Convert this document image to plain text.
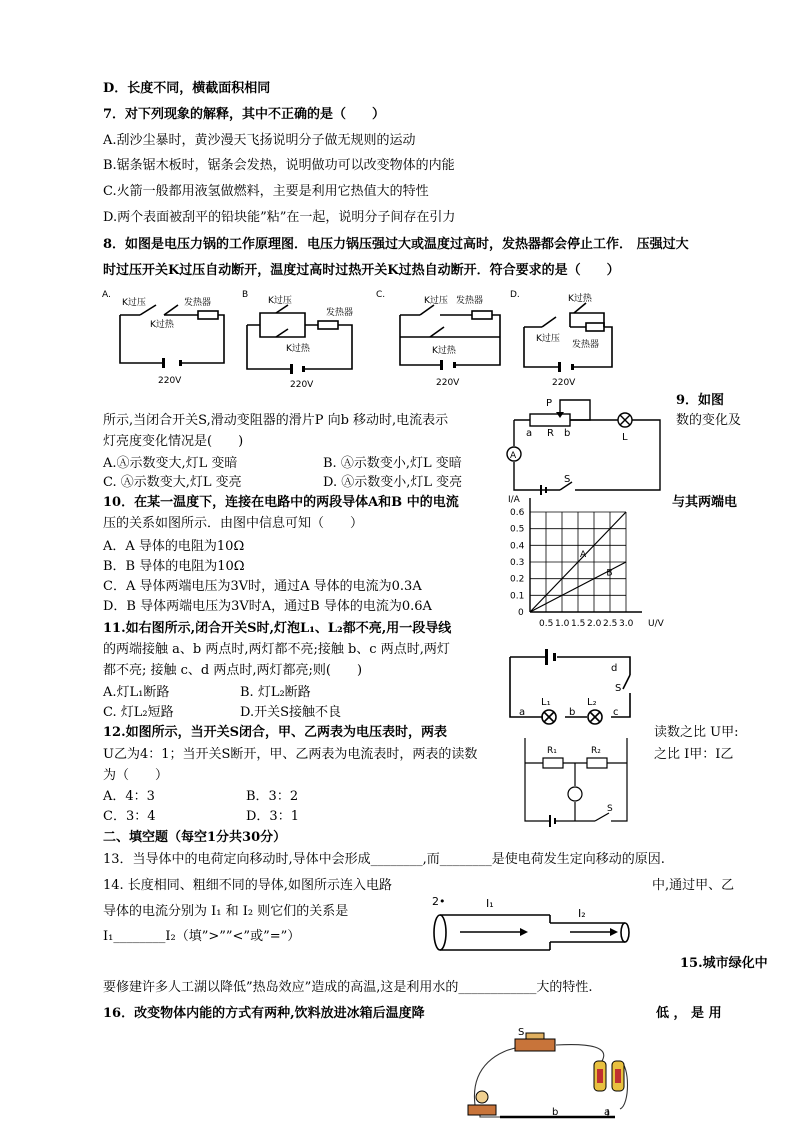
D．长度不同，横截面积相同
7．对下列现象的解释，其中不正确的是（　　）
A.刮沙尘暴时，黄沙漫天飞扬说明分子做无规则的运动
B.锯条锯木板时，锯条会发热，说明做功可以改变物体的内能
C.火箭一般都用液氢做燃料，主要是利用它热值大的特性
D.两个表面被刮平的铅块能”粘”在一起，说明分子间存在引力
8．如图是电压力锅的工作原理图．电压力锅压强过大或温度过高时，发热器都会停止工作． 压强过大
时过压开关K过压自动断开，温度过高时过热开关K过热自动断开．符合要求的是（　　）
A.
K过压	发热器
K过热
220V
B
K过压
发热器
K过热
220V
C.
K过压 发热器
K过热
220V
D.	K过热
K过压
发热器
220V
9．如图
所示,当闭合开关S,滑动变阻器的滑片P 向b 移动时,电流表示	数的变化及
灯亮度变化情况是(　　)
A.Ⓐ示数变大,灯L 变暗	B. Ⓐ示数变小,灯L 变暗
C. Ⓐ示数变大,灯L 变亮	D. Ⓐ示数变小,灯L 变亮
P
a R b	L
S
A
10．在某一温度下，连接在电路中的两段导体A和B 中的电流	与其两端电
压的关系如图所示．由图中信息可知（　　）
A．A 导体的电阻为10Ω
B．B 导体的电阻为10Ω
C．A 导体两端电压为3V时，通过A 导体的电流为0.3A
D．B 导体两端电压为3V时A，通过B 导体的电流为0.6A
I/A
U/V
0.6
0.5
0.4
0.3
0.2
0.1
0
0.5 1.0 1.5 2.0 2.5 3.0
A
B
11.如右图所示,闭合开关S时,灯泡L₁、L₂都不亮,用一段导线
的两端接触 a、b 两点时,两灯都不亮;接触 b、c 两点时,两灯
都不亮; 接触 c、d 两点时,两灯都亮;则(　　)
A.灯L₁断路	B. 灯L₂断路
C. 灯L₂短路	D.开关S接触不良
d
S
L₁	L₂
a	b	c
12.如图所示，当开关S闭合，甲、乙两表为电压表时，两表	读数之比 U甲:
U乙为4：1；当开关S断开，甲、乙两表为电流表时，两表的读数	之比 I甲：I乙
为（　　）
A．4：3	B．3：2
C．3：4	D．3：1
R₁	R₂
S
二、填空题（每空1分共30分）
13．当导体中的电荷定向移动时,导体中会形成________,而________是使电荷发生定向移动的原因.
14. 长度相同、粗细不同的导体,如图所示连入电路	中,通过甲、乙
导体的电流分别为 I₁ 和 I₂ 则它们的关系是
I₁________I₂（填”>””<”或”=”）
2•	I₁
I₂
15.城市绿化中
要修建许多人工湖以降低”热岛效应”造成的高温,这是利用水的____________大的特性.
16．改变物体内能的方式有两种,饮料放进冰箱后温度降	低 ， 是 用
S
b	a
